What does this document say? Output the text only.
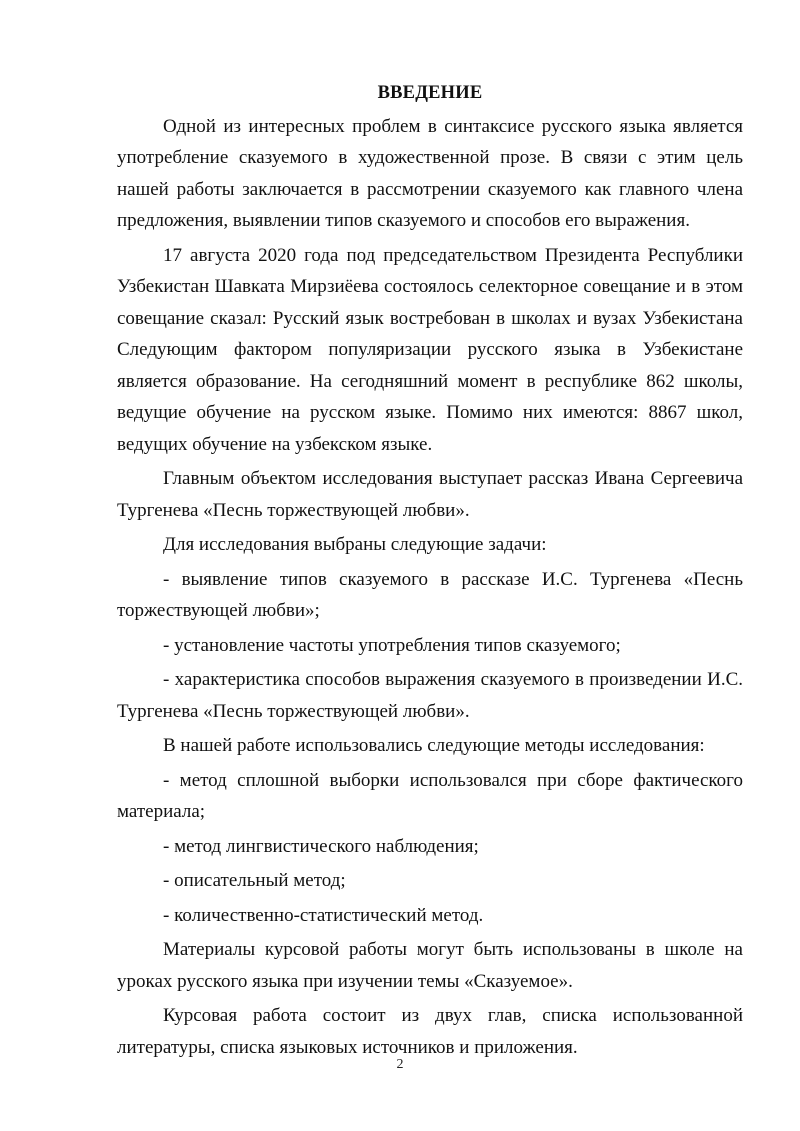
ВВЕДЕНИЕ

Одной из интересных проблем в синтаксисе русского языка является употребление сказуемого в художественной прозе. В связи с этим цель нашей работы заключается в рассмотрении сказуемого как главного члена предложения, выявлении типов сказуемого и способов его выражения.

17 августа 2020 года под председательством Президента Республики Узбекистан Шавката Мирзиёева состоялось селекторное совещание и в этом совещание сказал: Русский язык востребован в школах и вузах Узбекистана Следующим фактором популяризации русского языка в Узбекистане является образование. На сегодняшний момент в республике 862 школы, ведущие обучение на русском языке. Помимо них имеются: 8867 школ, ведущих обучение на узбекском языке.

Главным объектом исследования выступает рассказ Ивана Сергеевича Тургенева «Песнь торжествующей любви».

Для исследования выбраны следующие задачи:

- выявление типов сказуемого в рассказе И.С. Тургенева «Песнь торжествующей любви»;

- установление частоты употребления типов сказуемого;

- характеристика способов выражения сказуемого в произведении И.С. Тургенева «Песнь торжествующей любви».

В нашей работе использовались следующие методы исследования:

- метод сплошной выборки использовался при сборе фактического материала;

- метод лингвистического наблюдения;

- описательный метод;

- количественно-статистический метод.

Материалы курсовой работы могут быть использованы в школе на уроках русского языка при изучении темы «Сказуемое».

Курсовая работа состоит из двух глав, списка использованной литературы, списка языковых источников и приложения.

2
